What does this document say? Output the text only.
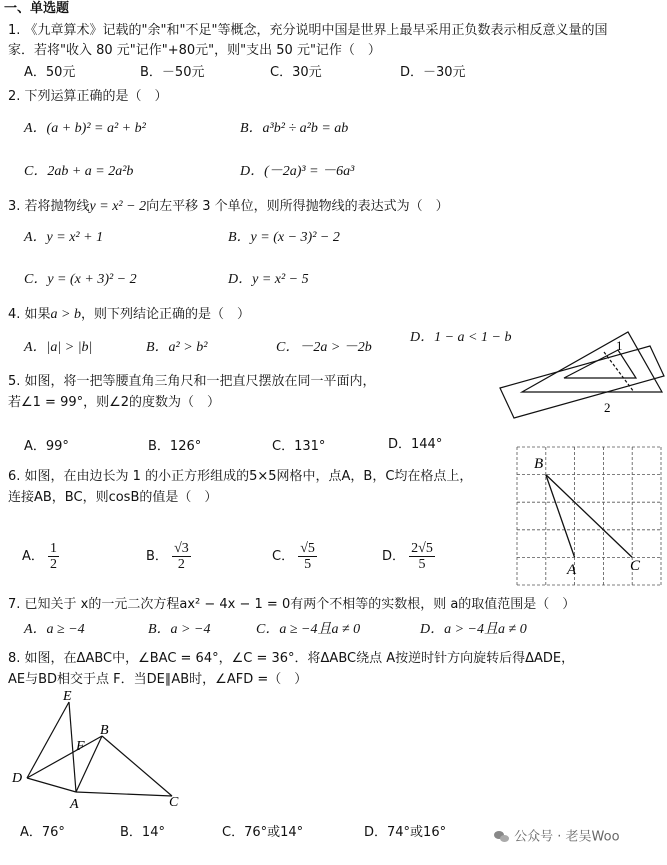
一、单选题
1. 《九章算术》记载的"余"和"不足"等概念，充分说明中国是世界上最早采用正负数表示相反意义量的国
家．若将"收入 80 元"记作"+80元"，则"支出 50 元"记作（　）
A．50元	B．－50元	C．30元	D．－30元
2. 下列运算正确的是（　）
A．(a + b)² = a² + b²	B．a³b² ÷ a²b = ab
C．2ab + a = 2a²b	D．(－2a)³ = －6a³
3. 若将抛物线y = x² − 2向左平移 3 个单位，则所得抛物线的表达式为（　）
A．y = x² + 1	B．y = (x − 3)² − 2
C．y = (x + 3)² − 2	D．y = x² − 5
4. 如果a > b，则下列结论正确的是（　）
A．|a| > |b|	B．a² > b²	C．－2a > －2b
D．1 − a < 1 − b
5. 如图，将一把等腰直角三角尺和一把直尺摆放在同一平面内，
若∠1 = 99°，则∠2的度数为（　）
A．99°	B．126°	C．131°	D．144°
1
2
6. 如图，在由边长为 1 的小正方形组成的5×5网格中，点A，B，C均在格点上，
连接AB，BC，则cosB的值是（　）
A． $\frac{1}{2}$	B． $\frac{√3}{2}$	C． $\frac{√5}{5}$	D． $\frac{2√5}{5}$
B
A	C
7. 已知关于 x的一元二次方程ax² − 4x − 1 = 0有两个不相等的实数根，则 a的取值范围是（　）
A．a ≥ −4	B．a > −4	C．a ≥ −4且a ≠ 0	D．a > −4且a ≠ 0
8. 如图，在ΔABC中，∠BAC = 64°，∠C = 36°．将ΔABC绕点 A按逆时针方向旋转后得ΔADE，
AE与BD相交于点 F．当DE∥AB时，∠AFD =（　）
E
F
B
D
A	C
A．76°	B．14°	C．76°或14°	D．74°或16°	公众号 · 老吴Woo
